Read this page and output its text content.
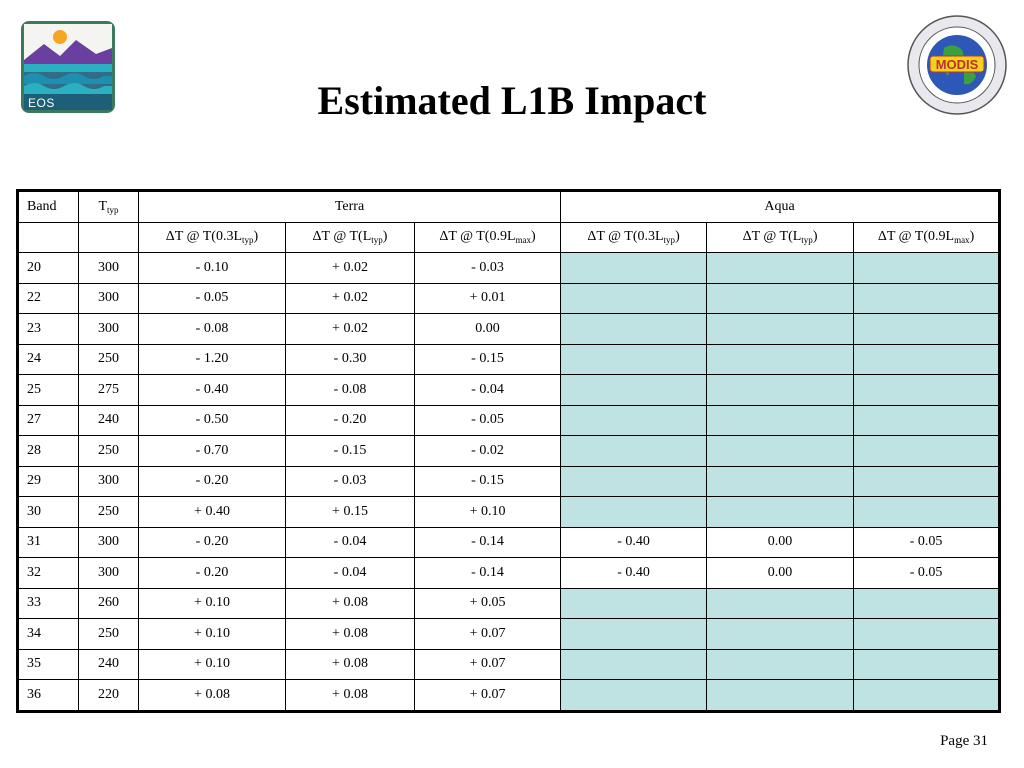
EOS	Estimated L1B Impact
MODIS
Band	$T_{typ}$	Terra			Aqua		
		ΔT @ $T(0.3L_{typ})$	ΔT @ $T(L_{typ})$	ΔT @ $T(0.9L_{max})$	ΔT @ $T(0.3L_{typ})$	ΔT @ $T(L_{typ})$	ΔT @ $T(0.9L_{max})$
20	300	- 0.10	+ 0.02	- 0.03			
22	300	- 0.05	+ 0.02	+ 0.01			
23	300	- 0.08	+ 0.02	0.00			
24	250	- 1.20	- 0.30	- 0.15			
25	275	- 0.40	- 0.08	- 0.04			
27	240	- 0.50	- 0.20	- 0.05			
28	250	- 0.70	- 0.15	- 0.02			
29	300	- 0.20	- 0.03	- 0.15			
30	250	+ 0.40	+ 0.15	+ 0.10			
31	300	- 0.20	- 0.04	- 0.14	- 0.40	0.00	- 0.05
32	300	- 0.20	- 0.04	- 0.14	- 0.40	0.00	- 0.05
33	260	+ 0.10	+ 0.08	+ 0.05			
34	250	+ 0.10	+ 0.08	+ 0.07			
35	240	+ 0.10	+ 0.08	+ 0.07			
36	220	+ 0.08	+ 0.08	+ 0.07			
Page 31
